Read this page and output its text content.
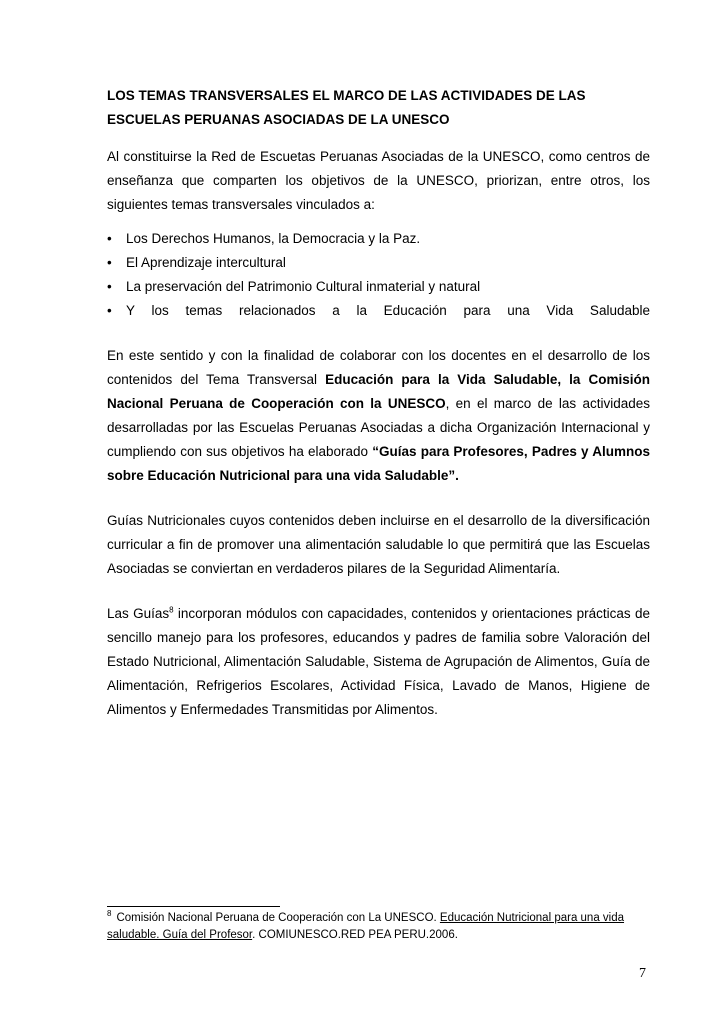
LOS TEMAS TRANSVERSALES EL MARCO DE LAS ACTIVIDADES DE LAS ESCUELAS PERUANAS ASOCIADAS DE LA UNESCO

Al constituirse la Red de Escuetas Peruanas Asociadas de la UNESCO, como centros de enseñanza que comparten los objetivos de la UNESCO, priorizan, entre otros, los siguientes temas transversales vinculados a:

• Los Derechos Humanos, la Democracia y la Paz.
• El Aprendizaje intercultural
• La preservación del Patrimonio Cultural inmaterial y natural
• Y los temas relacionados a la Educación para una Vida Saludable

En este sentido y con la finalidad de colaborar con los docentes en el desarrollo de los contenidos del Tema Transversal Educación para la Vida Saludable, la Comisión Nacional Peruana de Cooperación con la UNESCO, en el marco de las actividades desarrolladas por las Escuelas Peruanas Asociadas a dicha Organización Internacional y cumpliendo con sus objetivos ha elaborado “Guías para Profesores, Padres y Alumnos sobre Educación Nutricional para una vida Saludable”.

Guías Nutricionales cuyos contenidos deben incluirse en el desarrollo de la diversificación curricular a fin de promover una alimentación saludable lo que permitirá que las Escuelas Asociadas se conviertan en verdaderos pilares de la Seguridad Alimentaría.

Las Guías$^8$ incorporan módulos con capacidades, contenidos y orientaciones prácticas de sencillo manejo para los profesores, educandos y padres de familia sobre Valoración del Estado Nutricional, Alimentación Saludable, Sistema de Agrupación de Alimentos, Guía de Alimentación, Refrigerios Escolares, Actividad Física, Lavado de Manos, Higiene de Alimentos y Enfermedades Transmitidas por Alimentos.

$^8$ Comisión Nacional Peruana de Cooperación con La UNESCO. Educación Nutricional para una vida saludable. Guía del Profesor. COMIUNESCO.RED PEA PERU.2006.
7
